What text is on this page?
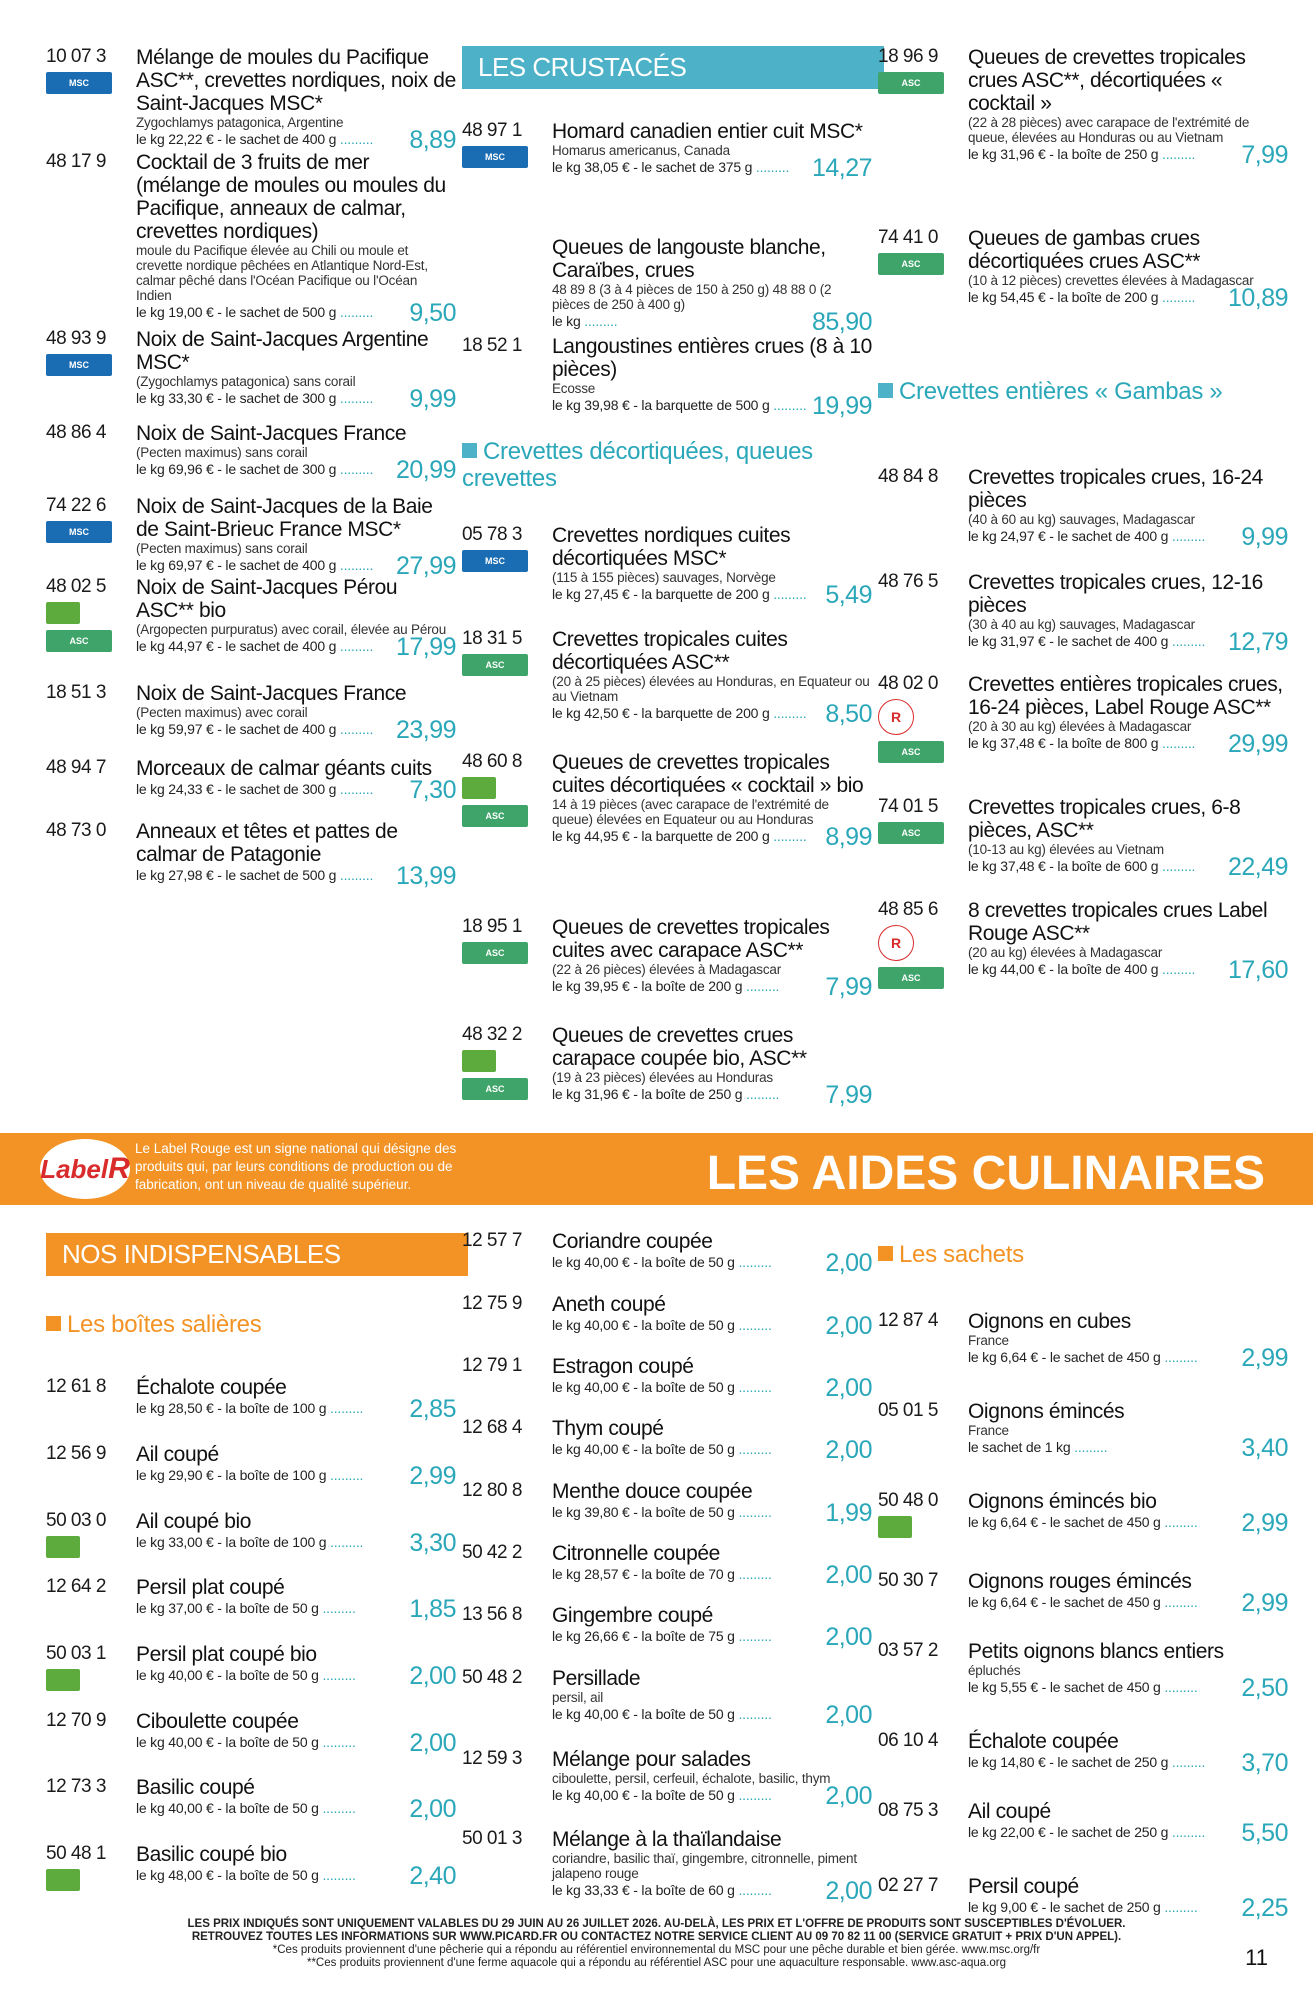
10 07 3
MSC
Mélange de moules du Pacifique ASC**, crevettes nordiques, noix de Saint-Jacques MSC*
Zygochlamys patagonica, Argentine
le kg 22,22 € - le sachet de 400 g ......... 8,89
48 17 9 Cocktail de 3 fruits de mer (mélange de moules ou moules du Pacifique, anneaux de calmar, crevettes nordiques)
moule du Pacifique élevée au Chili ou moule et crevette nordique pêchées en Atlantique Nord-Est, calmar pêché dans l'Océan Pacifique ou l'Océan Indien
le kg 19,00 € - le sachet de 500 g ......... 9,50
48 93 9
MSC
Noix de Saint-Jacques Argentine MSC*
(Zygochlamys patagonica) sans corail
le kg 33,30 € - le sachet de 300 g ......... 9,99
48 86 4 Noix de Saint-Jacques France
(Pecten maximus) sans corail
le kg 69,96 € - le sachet de 300 g ......... 20,99
74 22 6
MSC
Noix de Saint-Jacques de la Baie de Saint-Brieuc France MSC*
(Pecten maximus) sans corail
le kg 69,97 € - le sachet de 400 g ......... 27,99
48 02 5
ASC
Noix de Saint-Jacques Pérou ASC** bio
(Argopecten purpuratus) avec corail, élevée au Pérou
le kg 44,97 € - le sachet de 400 g ......... 17,99
18 51 3 Noix de Saint-Jacques France
(Pecten maximus) avec corail
le kg 59,97 € - le sachet de 400 g ......... 23,99
48 94 7 Morceaux de calmar géants cuits
le kg 24,33 € - le sachet de 300 g ......... 7,30
48 73 0 Anneaux et têtes et pattes de calmar de Patagonie
le kg 27,98 € - le sachet de 500 g ......... 13,99
LES CRUSTACÉS
48 97 1
MSC
Homard canadien entier cuit MSC*
Homarus americanus, Canada
le kg 38,05 € - le sachet de 375 g ......... 14,27
Queues de langouste blanche, Caraïbes, crues
48 89 8 (3 à 4 pièces de 150 à 250 g) 48 88 0 (2 pièces de 250 à 400 g)
le kg .........	85,90
18 52 1 Langoustines entières crues (8 à 10 pièces)
Ecosse
le kg 39,98 € - la barquette de 500 g ......... 19,99
Crevettes décortiquées, queues crevettes
05 78 3
MSC
Crevettes nordiques cuites décortiquées MSC*
(115 à 155 pièces) sauvages, Norvège
le kg 27,45 € - la barquette de 200 g ......... 5,49
18 31 5
ASC
Crevettes tropicales cuites décortiquées ASC**
(20 à 25 pièces) élevées au Honduras, en Equateur ou au Vietnam
le kg 42,50 € - la barquette de 200 g ......... 8,50
48 60 8
ASC
Queues de crevettes tropicales cuites décortiquées « cocktail » bio
14 à 19 pièces (avec carapace de l'extrémité de queue) élevées en Equateur ou au Honduras
le kg 44,95 € - la barquette de 200 g ......... 8,99
18 95 1
ASC
Queues de crevettes tropicales cuites avec carapace ASC**
(22 à 26 pièces) élevées à Madagascar
le kg 39,95 € - la boîte de 200 g ......... 7,99
48 32 2
ASC
Queues de crevettes crues carapace coupée bio, ASC**
(19 à 23 pièces) élevées au Honduras
le kg 31,96 € - la boîte de 250 g ......... 7,99
18 96 9
ASC
Queues de crevettes tropicales crues ASC**, décortiquées « cocktail »
(22 à 28 pièces) avec carapace de l'extrémité de queue, élevées au Honduras ou au Vietnam
le kg 31,96 € - la boîte de 250 g ......... 7,99
74 41 0
ASC
Queues de gambas crues décortiquées crues ASC**
(10 à 12 pièces) crevettes élevées à Madagascar
le kg 54,45 € - la boîte de 200 g ......... 10,89
Crevettes entières « Gambas »
48 84 8 Crevettes tropicales crues, 16-24 pièces
(40 à 60 au kg) sauvages, Madagascar
le kg 24,97 € - le sachet de 400 g ......... 9,99
48 76 5 Crevettes tropicales crues, 12-16 pièces
(30 à 40 au kg) sauvages, Madagascar
le kg 31,97 € - le sachet de 400 g ......... 12,79
48 02 0
R
ASC
Crevettes entières tropicales crues, 16-24 pièces, Label Rouge ASC**
(20 à 30 au kg) élevées à Madagascar
le kg 37,48 € - la boîte de 800 g ......... 29,99
74 01 5
ASC
Crevettes tropicales crues, 6-8 pièces, ASC**
(10-13 au kg) élevées au Vietnam
le kg 37,48 € - la boîte de 600 g ......... 22,49
48 85 6
R
ASC
8 crevettes tropicales crues Label Rouge ASC**
(20 au kg) élevées à Madagascar
le kg 44,00 € - la boîte de 400 g ......... 17,60
Label R
Le Label Rouge est un signe national qui désigne des produits qui, par leurs conditions de production ou de fabrication, ont un niveau de qualité supérieur.	LES AIDES CULINAIRES
NOS INDISPENSABLES
Les boîtes salières
12 61 8 Échalote coupée
le kg 28,50 € - la boîte de 100 g ......... 2,85
12 56 9 Ail coupé
le kg 29,90 € - la boîte de 100 g ......... 2,99
50 03 0 Ail coupé bio
le kg 33,00 € - la boîte de 100 g ......... 3,30
12 64 2 Persil plat coupé
le kg 37,00 € - la boîte de 50 g ......... 1,85
50 03 1 Persil plat coupé bio
le kg 40,00 € - la boîte de 50 g ......... 2,00
12 70 9 Ciboulette coupée
le kg 40,00 € - la boîte de 50 g ......... 2,00
12 73 3 Basilic coupé
le kg 40,00 € - la boîte de 50 g ......... 2,00
50 48 1 Basilic coupé bio
le kg 48,00 € - la boîte de 50 g ......... 2,40
12 57 7 Coriandre coupée
le kg 40,00 € - la boîte de 50 g ......... 2,00
12 75 9 Aneth coupé
le kg 40,00 € - la boîte de 50 g ......... 2,00
12 79 1 Estragon coupé
le kg 40,00 € - la boîte de 50 g ......... 2,00
12 68 4 Thym coupé
le kg 40,00 € - la boîte de 50 g ......... 2,00
12 80 8 Menthe douce coupée
le kg 39,80 € - la boîte de 50 g ......... 1,99
50 42 2 Citronnelle coupée
le kg 28,57 € - la boîte de 70 g ......... 2,00
13 56 8 Gingembre coupé
le kg 26,66 € - la boîte de 75 g ......... 2,00
50 48 2 Persillade
persil, ail
le kg 40,00 € - la boîte de 50 g ......... 2,00
12 59 3 Mélange pour salades
ciboulette, persil, cerfeuil, échalote, basilic, thym
le kg 40,00 € - la boîte de 50 g ......... 2,00
50 01 3 Mélange à la thaïlandaise
coriandre, basilic thaï, gingembre, citronnelle, piment jalapeno rouge
le kg 33,33 € - la boîte de 60 g ......... 2,00
Les sachets
12 87 4 Oignons en cubes
France
le kg 6,64 € - le sachet de 450 g ......... 2,99
05 01 5 Oignons émincés
France
le sachet de 1 kg .........	3,40
50 48 0 Oignons émincés bio
le kg 6,64 € - le sachet de 450 g ......... 2,99
50 30 7 Oignons rouges émincés
le kg 6,64 € - le sachet de 450 g ......... 2,99
03 57 2 Petits oignons blancs entiers
épluchés
le kg 5,55 € - le sachet de 450 g ......... 2,50
06 10 4 Échalote coupée
le kg 14,80 € - le sachet de 250 g ......... 3,70
08 75 3 Ail coupé
le kg 22,00 € - le sachet de 250 g ......... 5,50
02 27 7 Persil coupé
le kg 9,00 € - le sachet de 250 g ......... 2,25
LES PRIX INDIQUÉS SONT UNIQUEMENT VALABLES DU 29 JUIN AU 26 JUILLET 2026. AU-DELÀ, LES PRIX ET L'OFFRE DE PRODUITS SONT SUSCEPTIBLES D'ÉVOLUER.
RETROUVEZ TOUTES LES INFORMATIONS SUR WWW.PICARD.FR OU CONTACTEZ NOTRE SERVICE CLIENT AU 09 70 82 11 00 (SERVICE GRATUIT + PRIX D'UN APPEL).
*Ces produits proviennent d'une pêcherie qui a répondu au référentiel environnemental du MSC pour une pêche durable et bien gérée. www.msc.org/fr
**Ces produits proviennent d'une ferme aquacole qui a répondu au référentiel ASC pour une aquaculture responsable. www.asc-aqua.org	11
